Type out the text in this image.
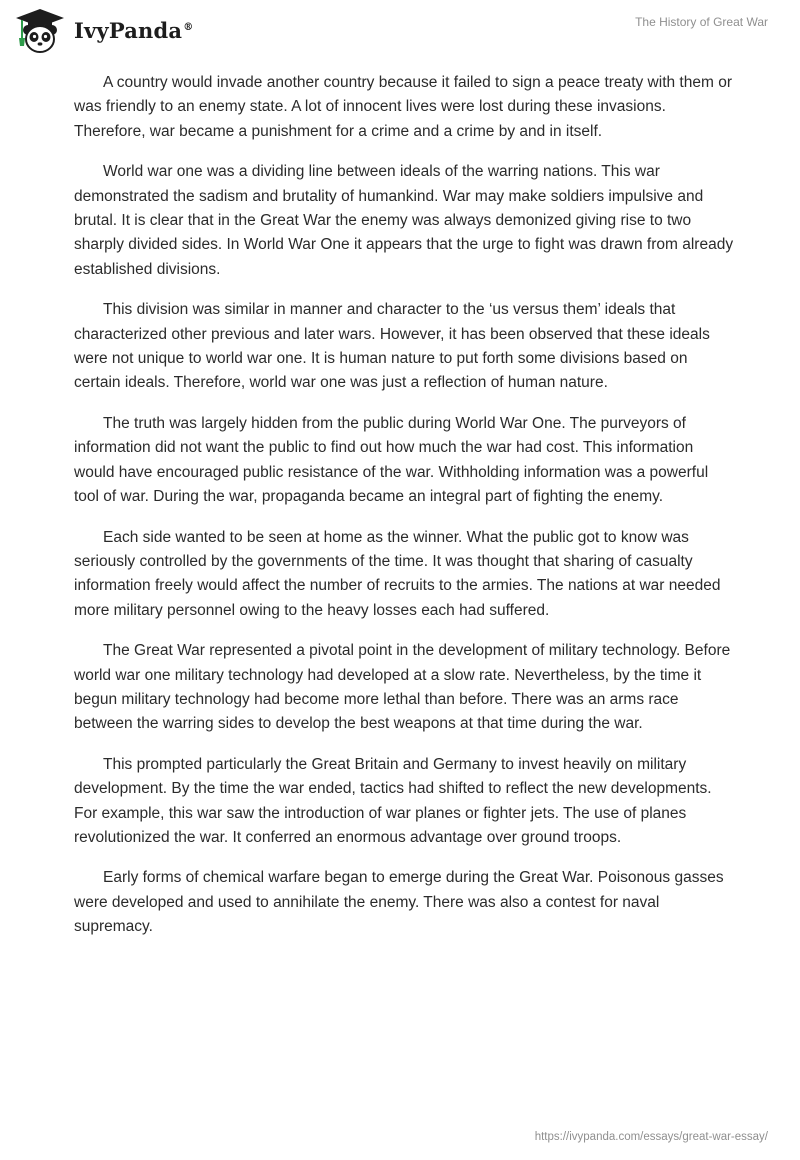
IvyPanda®	The History of Great War

A country would invade another country because it failed to sign a peace treaty with them or was friendly to an enemy state. A lot of innocent lives were lost during these invasions. Therefore, war became a punishment for a crime and a crime by and in itself.

World war one was a dividing line between ideals of the warring nations. This war demonstrated the sadism and brutality of humankind. War may make soldiers impulsive and brutal. It is clear that in the Great War the enemy was always demonized giving rise to two sharply divided sides. In World War One it appears that the urge to fight was drawn from already established divisions.

This division was similar in manner and character to the ‘us versus them’ ideals that characterized other previous and later wars. However, it has been observed that these ideals were not unique to world war one. It is human nature to put forth some divisions based on certain ideals. Therefore, world war one was just a reflection of human nature.

The truth was largely hidden from the public during World War One. The purveyors of information did not want the public to find out how much the war had cost. This information would have encouraged public resistance of the war. Withholding information was a powerful tool of war. During the war, propaganda became an integral part of fighting the enemy.

Each side wanted to be seen at home as the winner. What the public got to know was seriously controlled by the governments of the time. It was thought that sharing of casualty information freely would affect the number of recruits to the armies. The nations at war needed more military personnel owing to the heavy losses each had suffered.

The Great War represented a pivotal point in the development of military technology. Before world war one military technology had developed at a slow rate. Nevertheless, by the time it begun military technology had become more lethal than before. There was an arms race between the warring sides to develop the best weapons at that time during the war.

This prompted particularly the Great Britain and Germany to invest heavily on military development. By the time the war ended, tactics had shifted to reflect the new developments. For example, this war saw the introduction of war planes or fighter jets. The use of planes revolutionized the war. It conferred an enormous advantage over ground troops.

Early forms of chemical warfare began to emerge during the Great War. Poisonous gasses were developed and used to annihilate the enemy. There was also a contest for naval supremacy.

https://ivypanda.com/essays/great-war-essay/
